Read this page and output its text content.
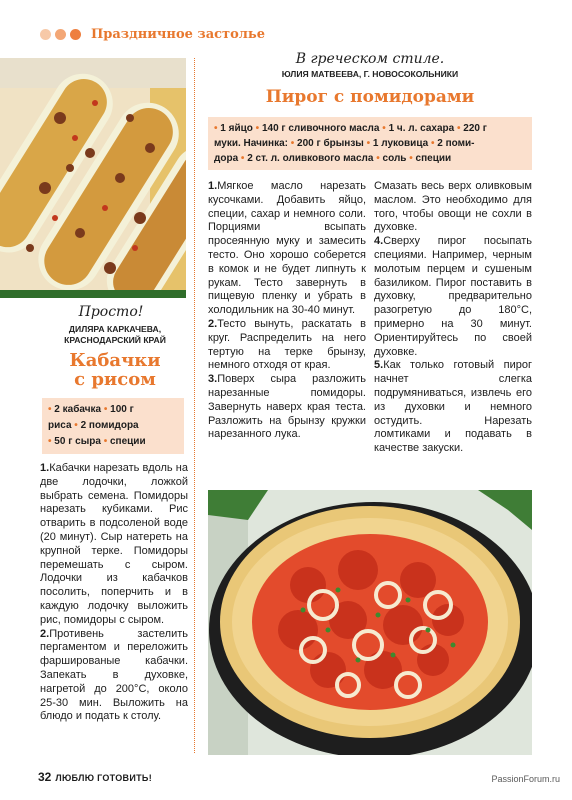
Праздничное застолье
Просто!
ДИЛЯРА КАРКАЧЕВА,
КРАСНОДАРСКИЙ КРАЙ
Кабачки
с рисом
• 2 кабачка • 100 г
риса • 2 помидора
• 50 г сыра • специи

1.Кабачки нарезать вдоль на две лодочки, ложкой выбрать семена. Помидоры нарезать кубиками. Рис отварить в подсоленой воде (20 минут). Сыр натереть на крупной терке. Помидоры перемешать с сыром. Лодочки из кабачков посолить, поперчить и в каждую лодочку выложить рис, помидоры с сыром.

2.Противень застелить пергаментом и переложить фаршированые кабачки. Запекать в духовке, нагретой до 200°С, около 25-30 мин. Выложить на блюдо и подать к столу.

В греческом стиле.
ЮЛИЯ МАТВЕЕВА, Г. НОВОСОКОЛЬНИКИ
Пирог с помидорами
• 1 яйцо • 140 г сливочного масла • 1 ч. л. сахара • 220 г
муки. Начинка: • 200 г брынзы • 1 луковица • 2 поми-
дора • 2 ст. л. оливкового масла • соль • специи

1.Мягкое масло нарезать кусочками. Добавить яйцо, специи, сахар и немного соли. Порциями всыпать просеянную муку и замесить тесто. Оно хорошо соберется в комок и не будет липнуть к рукам. Тесто завернуть в пищевую пленку и убрать в холодильник на 30-40 минут.

2.Тесто вынуть, раскатать в круг. Распределить на него тертую на терке брынзу, немного отходя от края.

3.Поверх сыра разложить нарезанные помидоры. Завернуть наверх края теста. Разложить на брынзу кружки нарезанного лука.

Смазать весь верх оливковым маслом. Это необходимо для того, чтобы овощи не сохли в духовке.

4.Сверху пирог посыпать специями. Например, черным молотым перцем и сушеным базиликом. Пирог поставить в духовку, предварительно разогретую до 180°С, примерно на 30 минут. Ориентируйтесь по своей духовке.

5.Как только готовый пирог начнет слегка подрумяниваться, извлечь его из духовки и немного остудить. Нарезать ломтиками и подавать в качестве закуски.

32 ЛЮБЛЮ ГОТОВИТЬ!	PassionForum.ru
